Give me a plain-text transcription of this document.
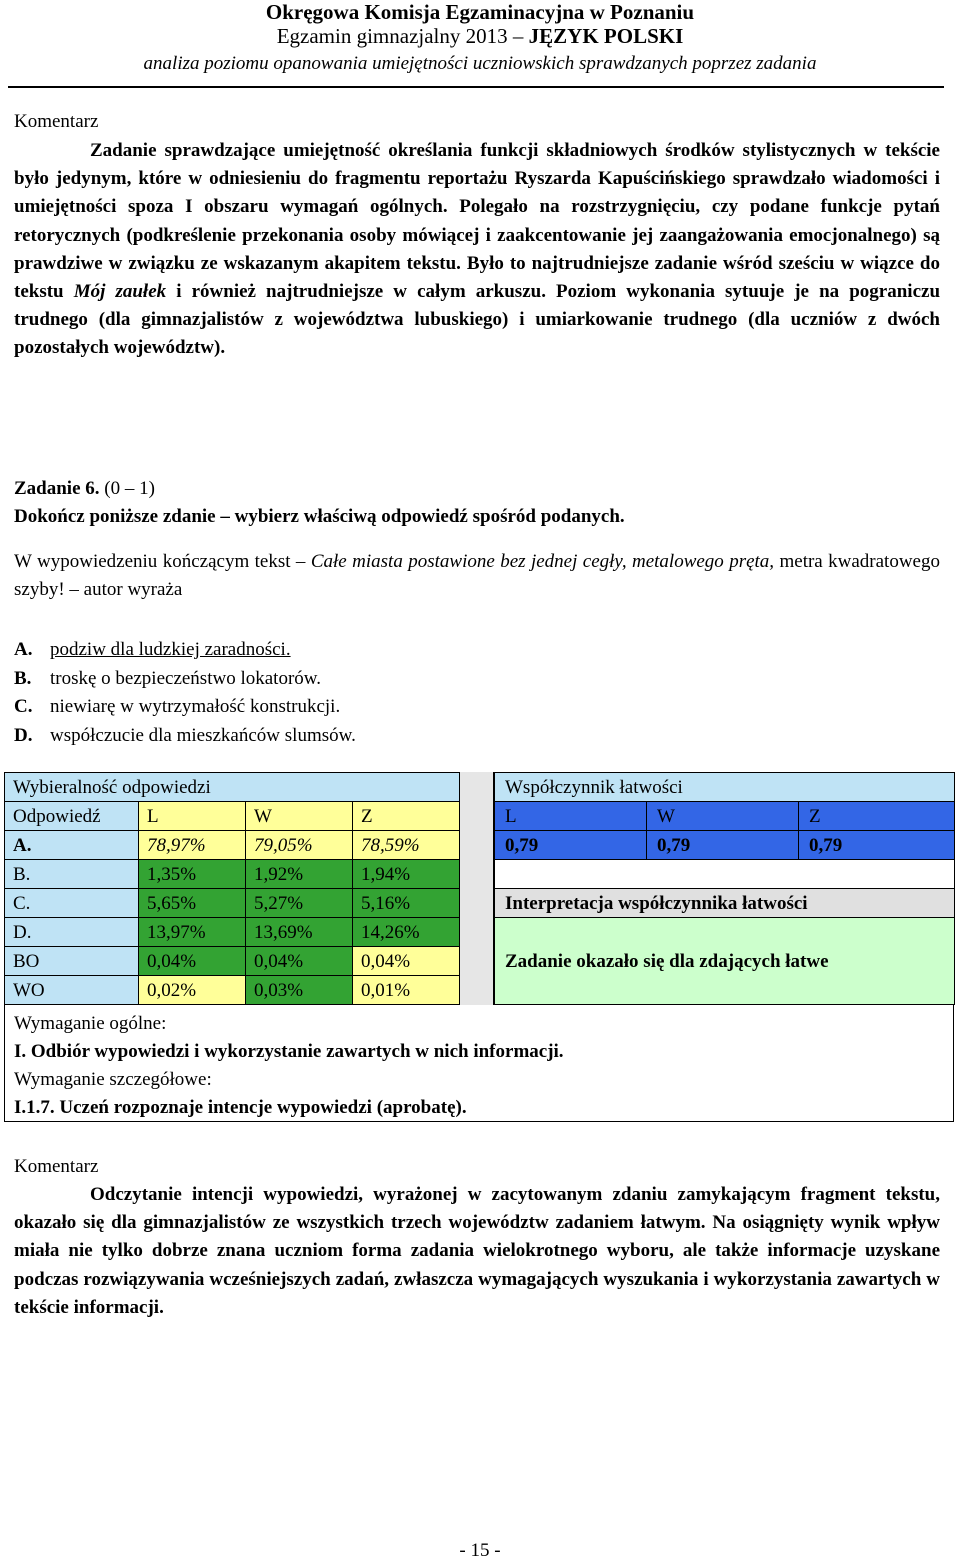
Okręgowa Komisja Egzaminacyjna w Poznaniu
Egzamin gimnazjalny 2013 – JĘZYK POLSKI
analiza poziomu opanowania umiejętności uczniowskich sprawdzanych poprzez zadania
Komentarz
Zadanie sprawdzające umiejętność określania funkcji składniowych środków stylistycznych w tekście było jedynym, które w odniesieniu do fragmentu reportażu Ryszarda Kapuścińskiego sprawdzało wiadomości i umiejętności spoza I obszaru wymagań ogólnych. Polegało na rozstrzygnięciu, czy podane funkcje pytań retorycznych (podkreślenie przekonania osoby mówiącej i zaakcentowanie jej zaangażowania emocjonalnego) są prawdziwe w związku ze wskazanym akapitem tekstu. Było to najtrudniejsze zadanie wśród sześciu w wiązce do tekstu Mój zaułek i również najtrudniejsze w całym arkuszu. Poziom wykonania sytuuje je na pograniczu trudnego (dla gimnazjalistów z województwa lubuskiego) i umiarkowanie trudnego (dla uczniów z dwóch pozostałych województw).
Zadanie 6. (0 – 1)
Dokończ poniższe zdanie – wybierz właściwą odpowiedź spośród podanych.
W wypowiedzeniu kończącym tekst – Całe miasta postawione bez jednej cegły, metalowego pręta, metra kwadratowego szyby! – autor wyraża
A. podziw dla ludzkiej zaradności.
B. troskę o bezpieczeństwo lokatorów.
C. niewiarę w wytrzymałość konstrukcji.
D. współczucie dla mieszkańców slumsów.
Wybieralność odpowiedzi			
Odpowiedź	L	W	Z
A.	78,97%	79,05%	78,59%
B.	1,35%	1,92%	1,94%
C.	5,65%	5,27%	5,16%
D.	13,97%	13,69%	14,26%
BO	0,04%	0,04%	0,04%
WO	0,02%	0,03%	0,01%
Współczynnik łatwości		
L	W	Z
0,79	0,79	0,79

Interpretacja współczynnika łatwości		
Zadanie okazało się dla zdających łatwe		
Wymaganie ogólne:
I. Odbiór wypowiedzi i wykorzystanie zawartych w nich informacji.
Wymaganie szczegółowe:
I.1.7. Uczeń rozpoznaje intencje wypowiedzi (aprobatę).
Komentarz
Odczytanie intencji wypowiedzi, wyrażonej w zacytowanym zdaniu zamykającym fragment tekstu, okazało się dla gimnazjalistów ze wszystkich trzech województw zadaniem łatwym. Na osiągnięty wynik wpływ miała nie tylko dobrze znana uczniom forma zadania wielokrotnego wyboru, ale także informacje uzyskane podczas rozwiązywania wcześniejszych zadań, zwłaszcza wymagających wyszukania i wykorzystania zawartych w tekście informacji.
- 15 -
